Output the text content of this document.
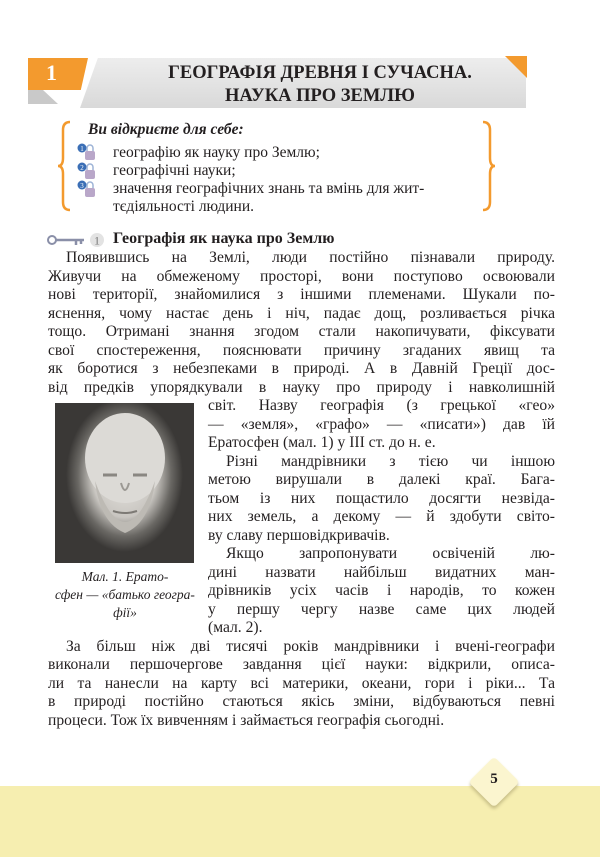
1	ГЕОГРАФІЯ ДРЕВНЯ І СУЧАСНА.
НАУКА ПРО ЗЕМЛЮ
Ви відкриєте для себе:
1
2
3
географію як науку про Землю;
географічні науки;
значення географічних знань та вмінь для жит-
тєдіяльності людини.
1 Географія як наука про Землю
Появившись на Землі, люди постійно пізнавали природу.
Живучи на обмеженому просторі, вони поступово освоювали
нові території, знайомилися з іншими племенами. Шукали по-
яснення, чому настає день і ніч, падає дощ, розливається річка
тощо. Отримані знання згодом стали накопичувати, фіксувати
свої спостереження, пояснювати причину згаданих явищ та
як боротися з небезпеками в природі. А в Давній Греції дос-
від предків упорядкували в науку про природу і навколишній
світ. Назву географія (з грецької «гео»
— «земля», «графо» — «писати») дав їй
Ератосфен (мал. 1) у ІІІ ст. до н. е.
Різні мандрівники з тією чи іншою
метою вирушали в далекі краї. Бага-
тьом із них пощастило досягти незвіда-
них земель, а декому — й здобути світо-
ву славу першовідкривачів.
Якщо запропонувати освіченій лю-
дині назвати найбільш видатних ман-
дрівників усіх часів і народів, то кожен
у першу чергу назве саме цих людей
(мал. 2).
За більш ніж дві тисячі років мандрівники і вчені-географи
виконали першочергове завдання цієї науки: відкрили, описа-
ли та нанесли на карту всі материки, океани, гори і ріки... Та
в природі постійно стаються якісь зміни, відбуваються певні
процеси. Тож їх вивченням і займається географія сьогодні.
Мал. 1. Ерато-
сфен — «батько геогра-
фії»
5
